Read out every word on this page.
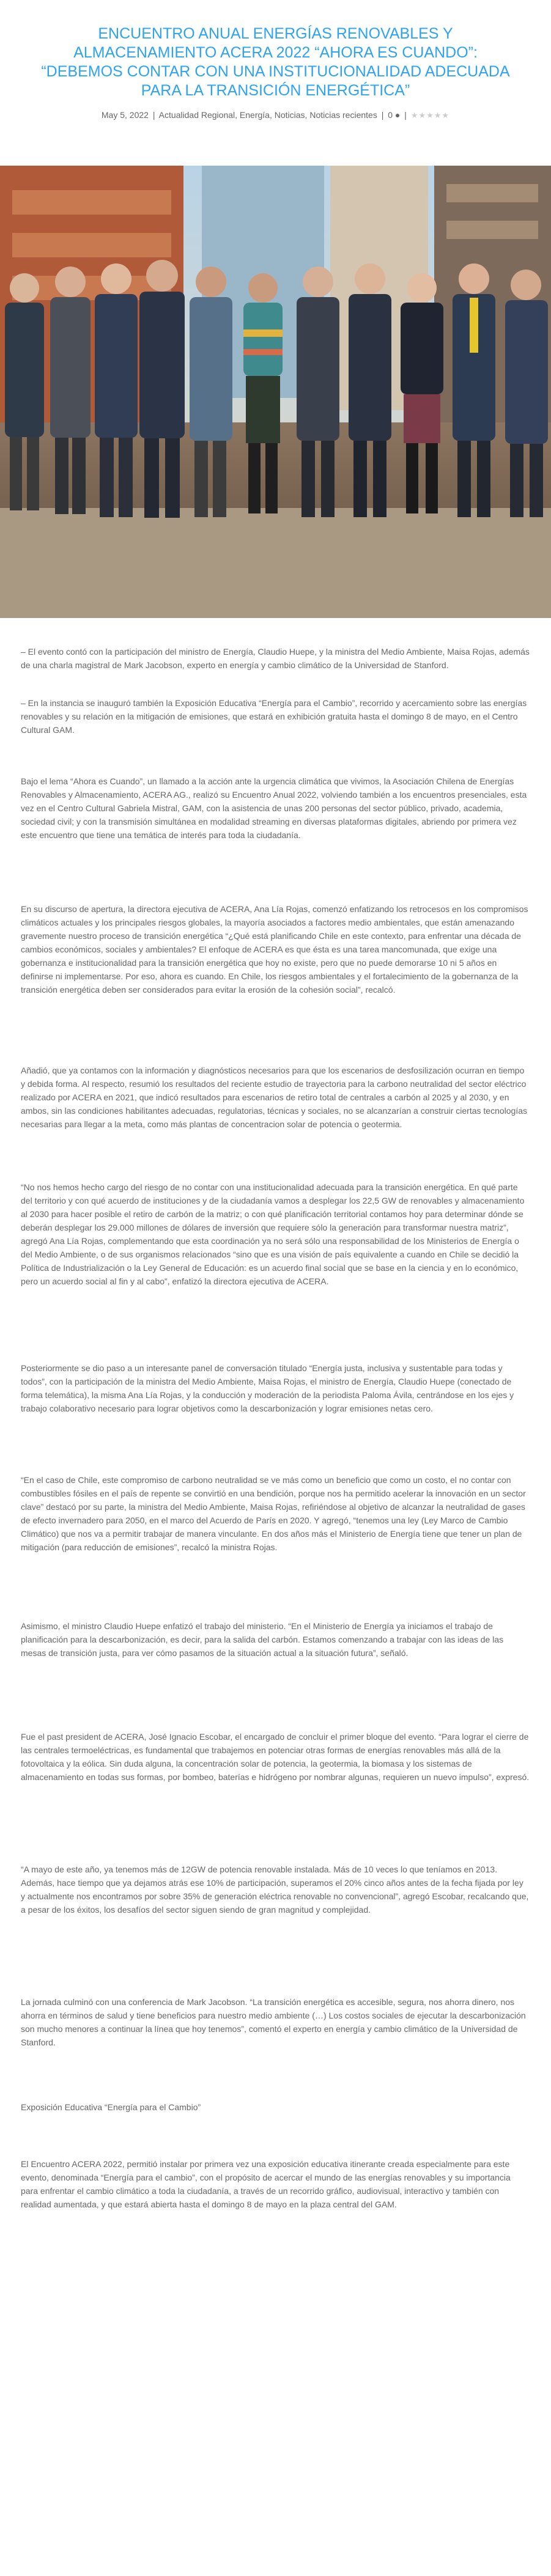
ENCUENTRO ANUAL ENERGÍAS RENOVABLES Y ALMACENAMIENTO ACERA 2022 “AHORA ES CUANDO”: “DEBEMOS CONTAR CON UNA INSTITUCIONALIDAD ADECUADA PARA LA TRANSICIÓN ENERGÉTICA”
May 5, 2022 | Actualidad Regional, Energía, Noticias, Noticias recientes | 0 ● | ★★★★★

– El evento contó con la participación del ministro de Energía, Claudio Huepe, y la ministra del Medio Ambiente, Maisa Rojas, además de una charla magistral de Mark Jacobson, experto en energía y cambio climático de la Universidad de Stanford.

– En la instancia se inauguró también la Exposición Educativa “Energía para el Cambio”, recorrido y acercamiento sobre las energías renovables y su relación en la mitigación de emisiones, que estará en exhibición gratuita hasta el domingo 8 de mayo, en el Centro Cultural GAM.

Bajo el lema “Ahora es Cuando”, un llamado a la acción ante la urgencia climática que vivimos, la Asociación Chilena de Energías Renovables y Almacenamiento, ACERA AG., realizó su Encuentro Anual 2022, volviendo también a los encuentros presenciales, esta vez en el Centro Cultural Gabriela Mistral, GAM, con la asistencia de unas 200 personas del sector público, privado, academia, sociedad civil; y con la transmisión simultánea en modalidad streaming en diversas plataformas digitales, abriendo por primera vez este encuentro que tiene una temática de interés para toda la ciudadanía.

En su discurso de apertura, la directora ejecutiva de ACERA, Ana Lía Rojas, comenzó enfatizando los retrocesos en los compromisos climáticos actuales y los principales riesgos globales, la mayoría asociados a factores medio ambientales, que están amenazando gravemente nuestro proceso de transición energética “¿Qué está planificando Chile en este contexto, para enfrentar una década de cambios económicos, sociales y ambientales? El enfoque de ACERA es que ésta es una tarea mancomunada, que exige una gobernanza e institucionalidad para la transición energética que hoy no existe, pero que no puede demorarse 10 ni 5 años en definirse ni implementarse. Por eso, ahora es cuando. En Chile, los riesgos ambientales y el fortalecimiento de la gobernanza de la transición energética deben ser considerados para evitar la erosión de la cohesión social”, recalcó.

Añadió, que ya contamos con la información y diagnósticos necesarios para que los escenarios de desfosilización ocurran en tiempo y debida forma. Al respecto, resumió los resultados del reciente estudio de trayectoria para la carbono neutralidad del sector eléctrico realizado por ACERA en 2021, que indicó resultados para escenarios de retiro total de centrales a carbón al 2025 y al 2030, y en ambos, sin las condiciones habilitantes adecuadas, regulatorias, técnicas y sociales, no se alcanzarían a construir ciertas tecnologías necesarias para llegar a la meta, como más plantas de concentracion solar de potencia o geotermia.

“No nos hemos hecho cargo del riesgo de no contar con una institucionalidad adecuada para la transición energética. En qué parte del territorio y con qué acuerdo de instituciones y de la ciudadanía vamos a desplegar los 22,5 GW de renovables y almacenamiento al 2030 para hacer posible el retiro de carbón de la matriz; o con qué planificación territorial contamos hoy para determinar dónde se deberán desplegar los 29.000 millones de dólares de inversión que requiere sólo la generación para transformar nuestra matriz”, agregó Ana Lía Rojas, complementando que esta coordinación ya no será sólo una responsabilidad de los Ministerios de Energía o del Medio Ambiente, o de sus organismos relacionados “sino que es una visión de país equivalente a cuando en Chile se decidió la Política de Industrialización o la Ley General de Educación: es un acuerdo final social que se base en la ciencia y en lo económico, pero un acuerdo social al fin y al cabo”, enfatizó la directora ejecutiva de ACERA.

Posteriormente se dio paso a un interesante panel de conversación titulado “Energía justa, inclusiva y sustentable para todas y todos”, con la participación de la ministra del Medio Ambiente, Maisa Rojas, el ministro de Energía, Claudio Huepe (conectado de forma telemática), la misma Ana Lía Rojas, y la conducción y moderación de la periodista Paloma Ávila, centrándose en los ejes y trabajo colaborativo necesario para lograr objetivos como la descarbonización y lograr emisiones netas cero.

“En el caso de Chile, este compromiso de carbono neutralidad se ve más como un beneficio que como un costo, el no contar con combustibles fósiles en el país de repente se convirtió en una bendición, porque nos ha permitido acelerar la innovación en un sector clave” destacó por su parte, la ministra del Medio Ambiente, Maisa Rojas, refiriéndose al objetivo de alcanzar la neutralidad de gases de efecto invernadero para 2050, en el marco del Acuerdo de París en 2020. Y agregó, “tenemos una ley (Ley Marco de Cambio Climático) que nos va a permitir trabajar de manera vinculante. En dos años más el Ministerio de Energía tiene que tener un plan de mitigación (para reducción de emisiones”, recalcó la ministra Rojas.

Asimismo, el ministro Claudio Huepe enfatizó el trabajo del ministerio. “En el Ministerio de Energía ya iniciamos el trabajo de planificación para la descarbonización, es decir, para la salida del carbón. Estamos comenzando a trabajar con las ideas de las mesas de transición justa, para ver cómo pasamos de la situación actual a la situación futura”, señaló.

Fue el past president de ACERA, José Ignacio Escobar, el encargado de concluir el primer bloque del evento. “Para lograr el cierre de las centrales termoeléctricas, es fundamental que trabajemos en potenciar otras formas de energías renovables más allá de la fotovoltaica y la eólica. Sin duda alguna, la concentración solar de potencia, la geotermia, la biomasa y los sistemas de almacenamiento en todas sus formas, por bombeo, baterías e hidrógeno por nombrar algunas, requieren un nuevo impulso”, expresó.

“A mayo de este año, ya tenemos más de 12GW de potencia renovable instalada. Más de 10 veces lo que teníamos en 2013. Además, hace tiempo que ya dejamos atrás ese 10% de participación, superamos el 20% cinco años antes de la fecha fijada por ley y actualmente nos encontramos por sobre 35% de generación eléctrica renovable no convencional”, agregó Escobar, recalcando que, a pesar de los éxitos, los desafíos del sector siguen siendo de gran magnitud y complejidad.

La jornada culminó con una conferencia de Mark Jacobson. “La transición energética es accesible, segura, nos ahorra dinero, nos ahorra en términos de salud y tiene beneficios para nuestro medio ambiente (…) Los costos sociales de ejecutar la descarbonización son mucho menores a continuar la línea que hoy tenemos”, comentó el experto en energía y cambio climático de la Universidad de Stanford.

Exposición Educativa “Energía para el Cambio”

El Encuentro ACERA 2022, permitió instalar por primera vez una exposición educativa itinerante creada especialmente para este evento, denominada “Energía para el cambio”, con el propósito de acercar el mundo de las energías renovables y su importancia para enfrentar el cambio climático a toda la ciudadanía, a través de un recorrido gráfico, audiovisual, interactivo y también con realidad aumentada, y que estará abierta hasta el domingo 8 de mayo en la plaza central del GAM.
